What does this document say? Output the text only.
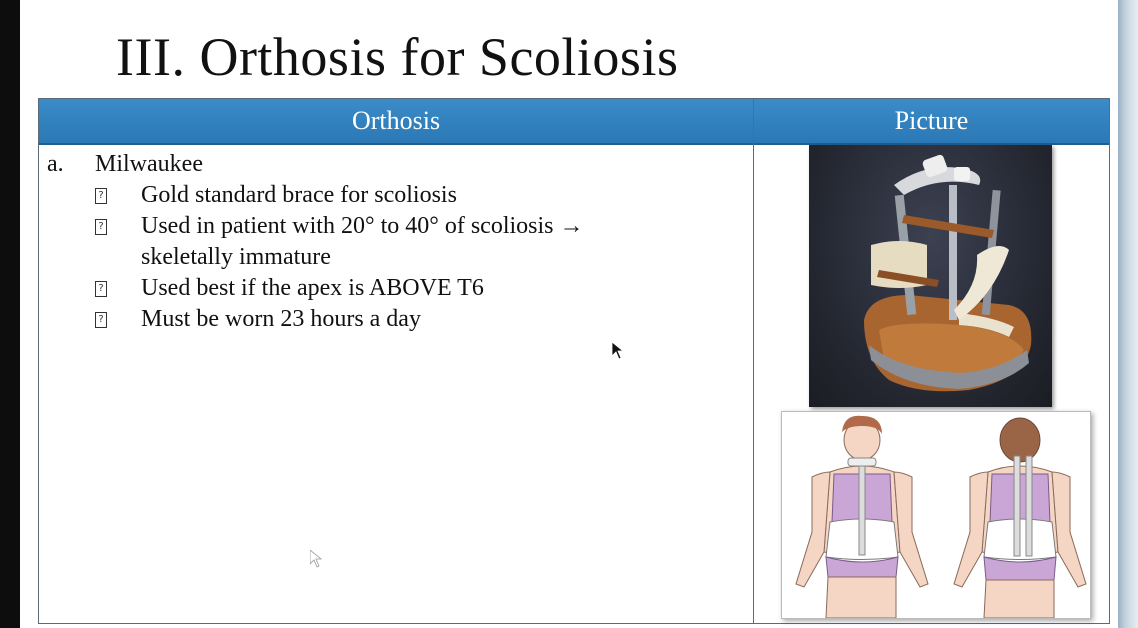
III. Orthosis for Scoliosis
Orthosis	Picture
a.	Milwaukee
? Gold standard brace for scoliosis
? Used in patient with 20° to 40° of scoliosis → skeletally immature
? Used best if the apex is ABOVE T6
? Must be worn 23 hours a day
